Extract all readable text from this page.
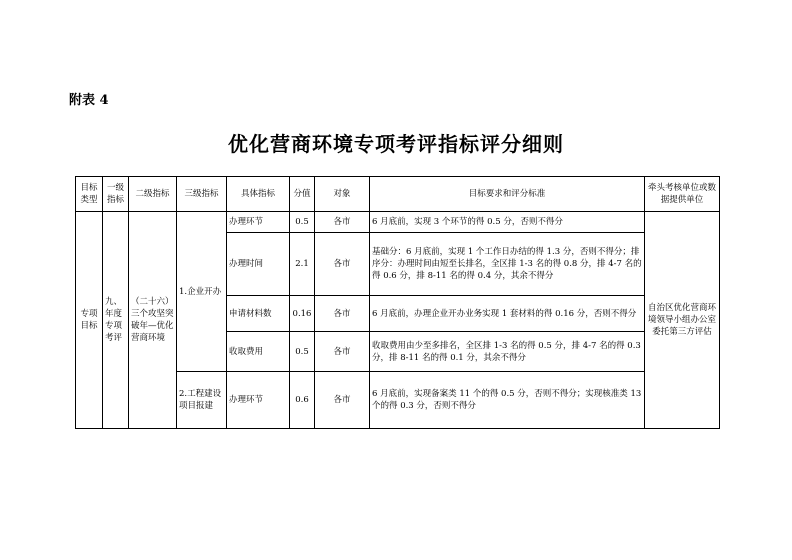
附表 4
优化营商环境专项考评指标评分细则
目标类型	一级指标	二级指标	三级指标	具体指标	分值	对象	目标要求和评分标准	牵头考核单位或数据提供单位
专项目标	九、年度专项考评	（二十六）三个攻坚突破年—优化营商环境	1.企业开办	办理环节	0.5	各市	6 月底前，实现 3 个环节的得 0.5 分，否则不得分	自治区优化营商环境领导小组办公室委托第三方评估
				办理时间	2.1	各市	基础分：6 月底前，实现 1 个工作日办结的得 1.3 分，否则不得分；排序分：办理时间由短至长排名，全区排 1-3 名的得 0.8 分，排 4-7 名的得 0.6 分，排 8-11 名的得 0.4 分，其余不得分	
				申请材料数	0.16	各市	6 月底前，办理企业开办业务实现 1 套材料的得 0.16 分，否则不得分	
				收取费用	0.5	各市	收取费用由少至多排名，全区排 1-3 名的得 0.5 分，排 4-7 名的得 0.3 分，排 8-11 名的得 0.1 分，其余不得分	
			2.工程建设项目报建	办理环节	0.6	各市	6 月底前，实现备案类 11 个的得 0.5 分，否则不得分；实现核准类 13 个的得 0.3 分，否则不得分	
